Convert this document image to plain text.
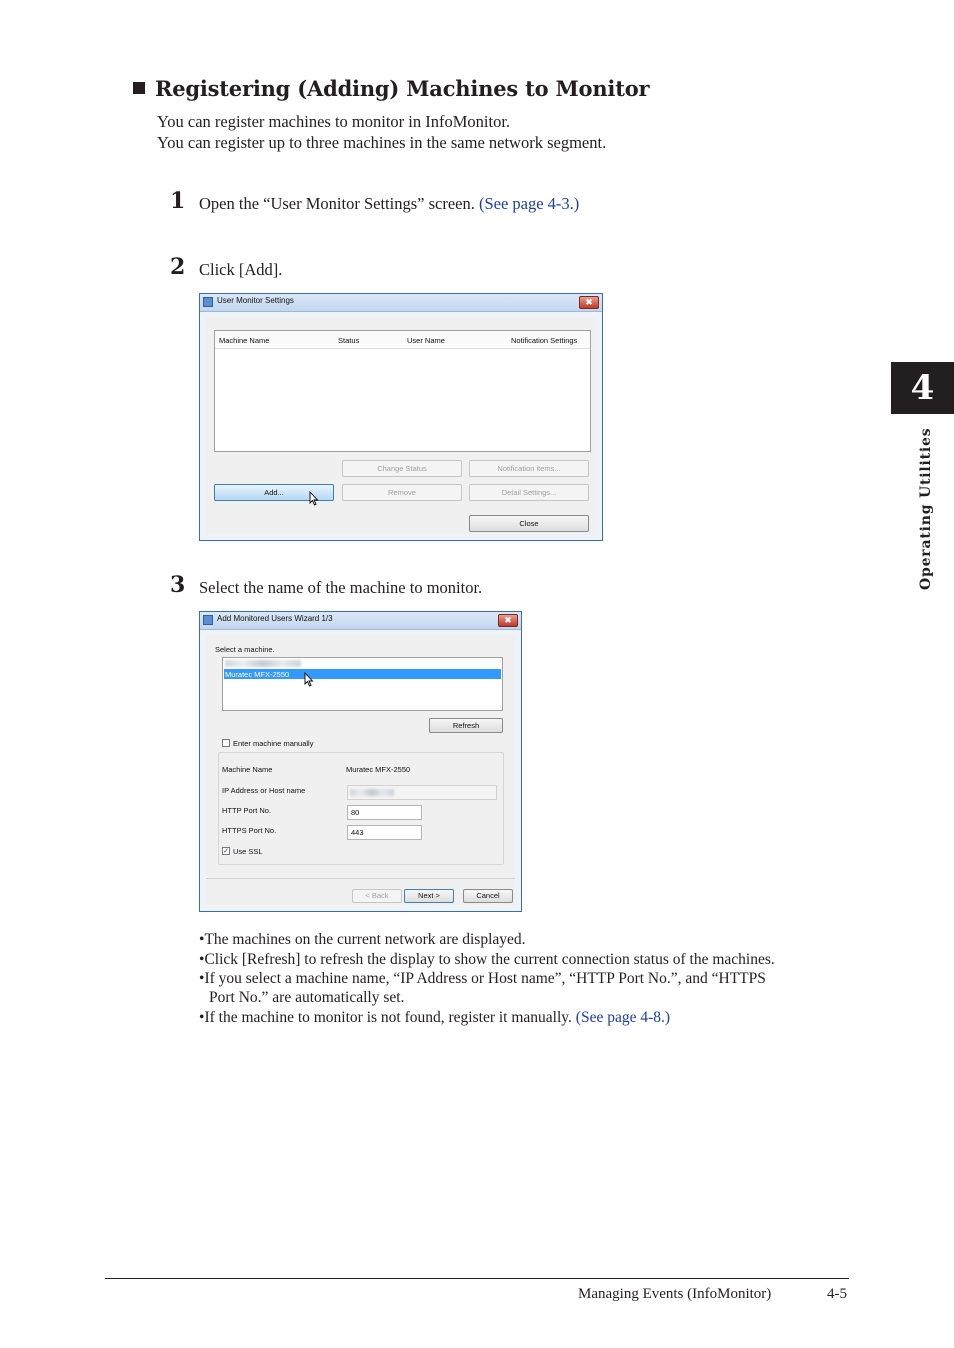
Registering (Adding) Machines to Monitor
You can register machines to monitor in InfoMonitor.
You can register up to three machines in the same network segment.
1 Open the “User Monitor Settings” screen. (See page 4-3.)
2 Click [Add].
User Monitor Settings	✖
Machine Name	Status	User Name	Notification Settings
Change Status	Notification items...
Add...	Remove	Detail Settings...
Close
3 Select the name of the machine to monitor.
Add Monitored Users Wizard 1/3	✖
Select a machine.
Muratec MFX-2550
Refresh
Enter machine manually
Machine Name	Muratec MFX-2550
IP Address or Host name
HTTP Port No.	80
HTTPS Port No.	443
✓ Use SSL
< Back	Next >	Cancel
•The machines on the current network are displayed.
•Click [Refresh] to refresh the display to show the current connection status of the machines.
•If you select a machine name, “IP Address or Host name”, “HTTP Port No.”, and “HTTPS
Port No.” are automatically set.
•If the machine to monitor is not found, register it manually. (See page 4-8.)
4
Operating Utilities
Managing Events (InfoMonitor)	4-5
